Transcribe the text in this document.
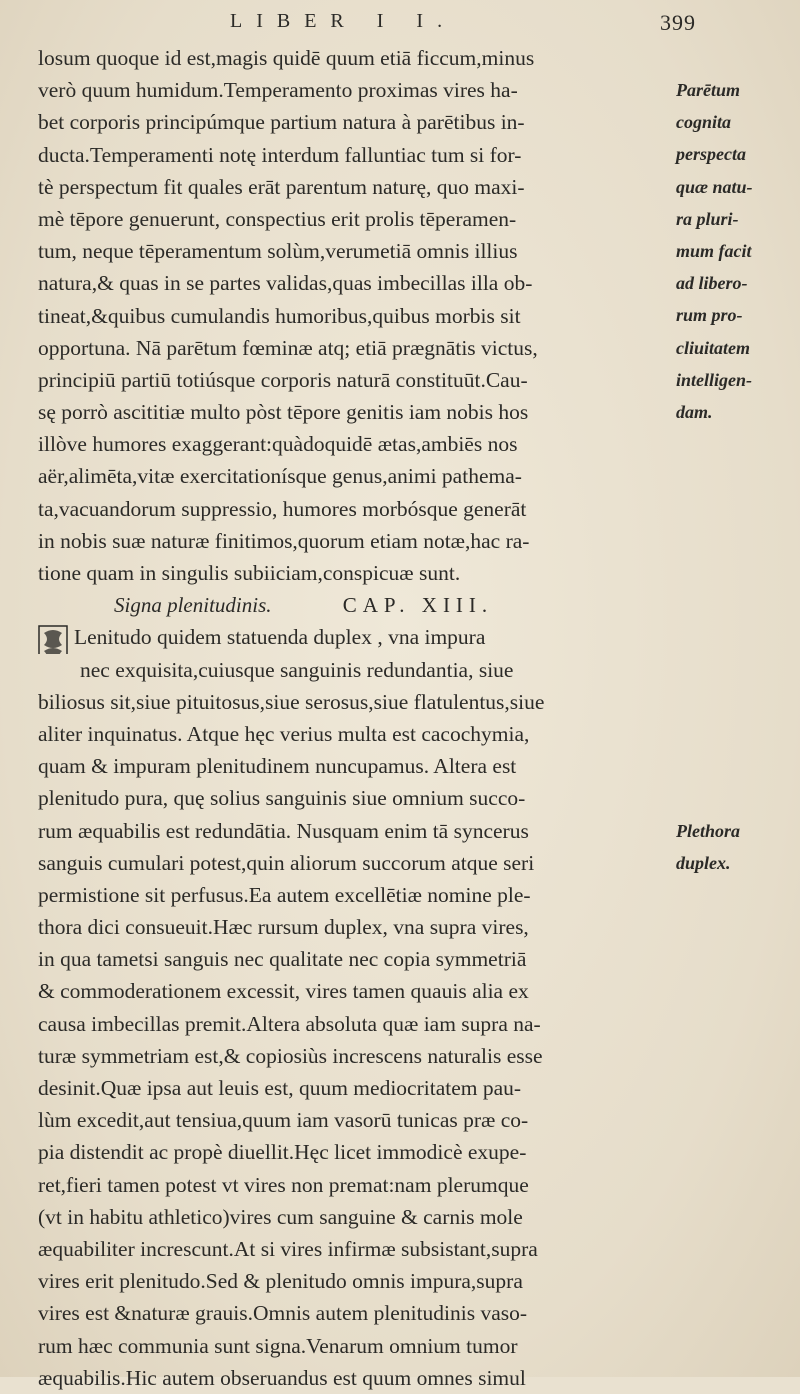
LIBER I I.	399
losum quoque id est,magis quidē quum etiā ficcum,minus
verò quum humidum.Temperamento proximas vires ha-
bet corporis principúmque partium natura à parētibus in-
ducta.Temperamenti notę interdum falluntiac tum si for-
tè perspectum fit quales erāt parentum naturę, quo maxi-
mè tēpore genuerunt, conspectius erit prolis tēperamen-
tum, neque tēperamentum solùm,verumetiā omnis illius
natura,& quas in se partes validas,quas imbecillas illa ob-
tineat,&quibus cumulandis humoribus,quibus morbis sit
opportuna. Nā parētum fœminæ atq; etiā prægnātis victus,
principiū partiū totiúsque corporis naturā constituūt.Cau-
sę porrò ascititiæ multo pòst tēpore genitis iam nobis hos
illòve humores exaggerant:quàdoquidē ætas,ambiēs nos
aër,alimēta,vitæ exercitationísque genus,animi pathema-
ta,vacuandorum suppressio, humores morbósque generāt
in nobis suæ naturæ finitimos,quorum etiam notæ,hac ra-
tione quam in singulis subiiciam,conspicuæ sunt.
Signa plenitudinis.	CAP. XIII.
Lenitudo quidem statuenda duplex , vna impura
nec exquisita,cuiusque sanguinis redundantia, siue
biliosus sit,siue pituitosus,siue serosus,siue flatulentus,siue
aliter inquinatus. Atque hęc verius multa est cacochymia,
quam & impuram plenitudinem nuncupamus. Altera est
plenitudo pura, quę solius sanguinis siue omnium succo-
rum æquabilis est redundātia. Nusquam enim tā syncerus
sanguis cumulari potest,quin aliorum succorum atque seri
permistione sit perfusus.Ea autem excellētiæ nomine ple-
thora dici consueuit.Hæc rursum duplex, vna supra vires,
in qua tametsi sanguis nec qualitate nec copia symmetriā
& commoderationem excessit, vires tamen quauis alia ex
causa imbecillas premit.Altera absoluta quæ iam supra na-
turæ symmetriam est,& copiosiùs increscens naturalis esse
desinit.Quæ ipsa aut leuis est, quum mediocritatem pau-
lùm excedit,aut tensiua,quum iam vasorū tunicas præ co-
pia distendit ac propè diuellit.Hęc licet immodicè exupe-
ret,fieri tamen potest vt vires non premat:nam plerumque
(vt in habitu athletico)vires cum sanguine & carnis mole
æquabiliter increscunt.At si vires infirmæ subsistant,supra
vires erit plenitudo.Sed & plenitudo omnis impura,supra
vires est &naturæ grauis.Omnis autem plenitudinis vaso-
rum hæc communia sunt signa.Venarum omnium tumor
æquabilis.Hic autem obseruandus est quum omnes simul
Parētum
cognita
perspecta
quæ natu-
ra pluri-
mum facit
ad libero-
rum pro-
cliuitatem
intelligen-
dam.
Plethora
duplex.
